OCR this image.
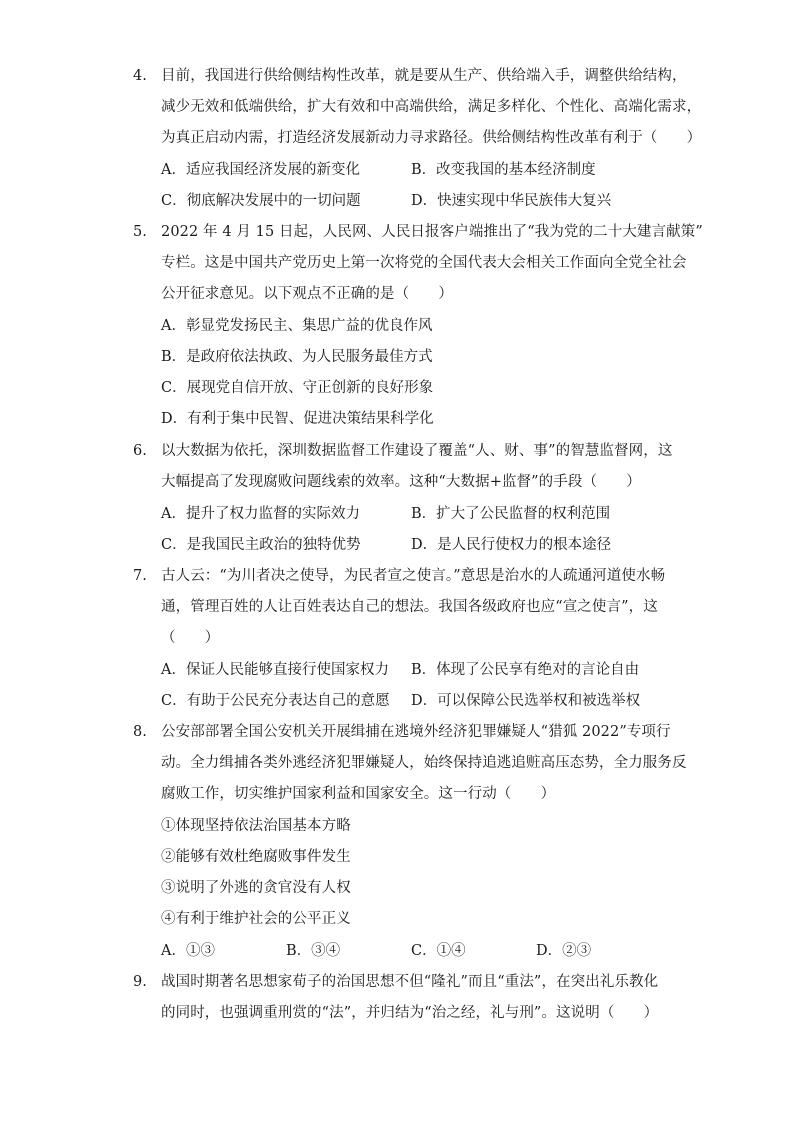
4. 目前，我国进行供给侧结构性改革，就是要从生产、供给端入手，调整供给结构，
减少无效和低端供给，扩大有效和中高端供给，满足多样化、个性化、高端化需求，
为真正启动内需，打造经济发展新动力寻求路径。供给侧结构性改革有利于（　　）
A．适应我国经济发展的新变化	B．改变我国的基本经济制度
C．彻底解决发展中的一切问题	D．快速实现中华民族伟大复兴
5. 2022 年 4 月 15 日起，人民网、人民日报客户端推出了“我为党的二十大建言献策”
专栏。这是中国共产党历史上第一次将党的全国代表大会相关工作面向全党全社会
公开征求意见。以下观点不正确的是（　　）
A．彰显党发扬民主、集思广益的优良作风
B．是政府依法执政、为人民服务最佳方式
C．展现党自信开放、守正创新的良好形象
D．有利于集中民智、促进决策结果科学化
6. 以大数据为依托，深圳数据监督工作建设了覆盖“人、财、事”的智慧监督网，这
大幅提高了发现腐败问题线索的效率。这种“大数据+监督”的手段（　　）
A．提升了权力监督的实际效力	B．扩大了公民监督的权利范围
C．是我国民主政治的独特优势	D．是人民行使权力的根本途径
7. 古人云：“为川者决之使导，为民者宣之使言。”意思是治水的人疏通河道使水畅
通，管理百姓的人让百姓表达自己的想法。我国各级政府也应“宣之使言”，这
（　　）
A．保证人民能够直接行使国家权力 B．体现了公民享有绝对的言论自由
C．有助于公民充分表达自己的意愿 D．可以保障公民选举权和被选举权
8. 公安部部署全国公安机关开展缉捕在逃境外经济犯罪嫌疑人“猎狐 2022”专项行
动。全力缉捕各类外逃经济犯罪嫌疑人，始终保持追逃追赃高压态势，全力服务反
腐败工作，切实维护国家利益和国家安全。这一行动（　　）
①体现坚持依法治国基本方略
②能够有效杜绝腐败事件发生
③说明了外逃的贪官没有人权
④有利于维护社会的公平正义
A．①③	B．③④	C．①④	D．②③
9. 战国时期著名思想家荀子的治国思想不但“隆礼”而且“重法”，在突出礼乐教化
的同时，也强调重刑赏的“法”，并归结为“治之经，礼与刑”。这说明（　　）
